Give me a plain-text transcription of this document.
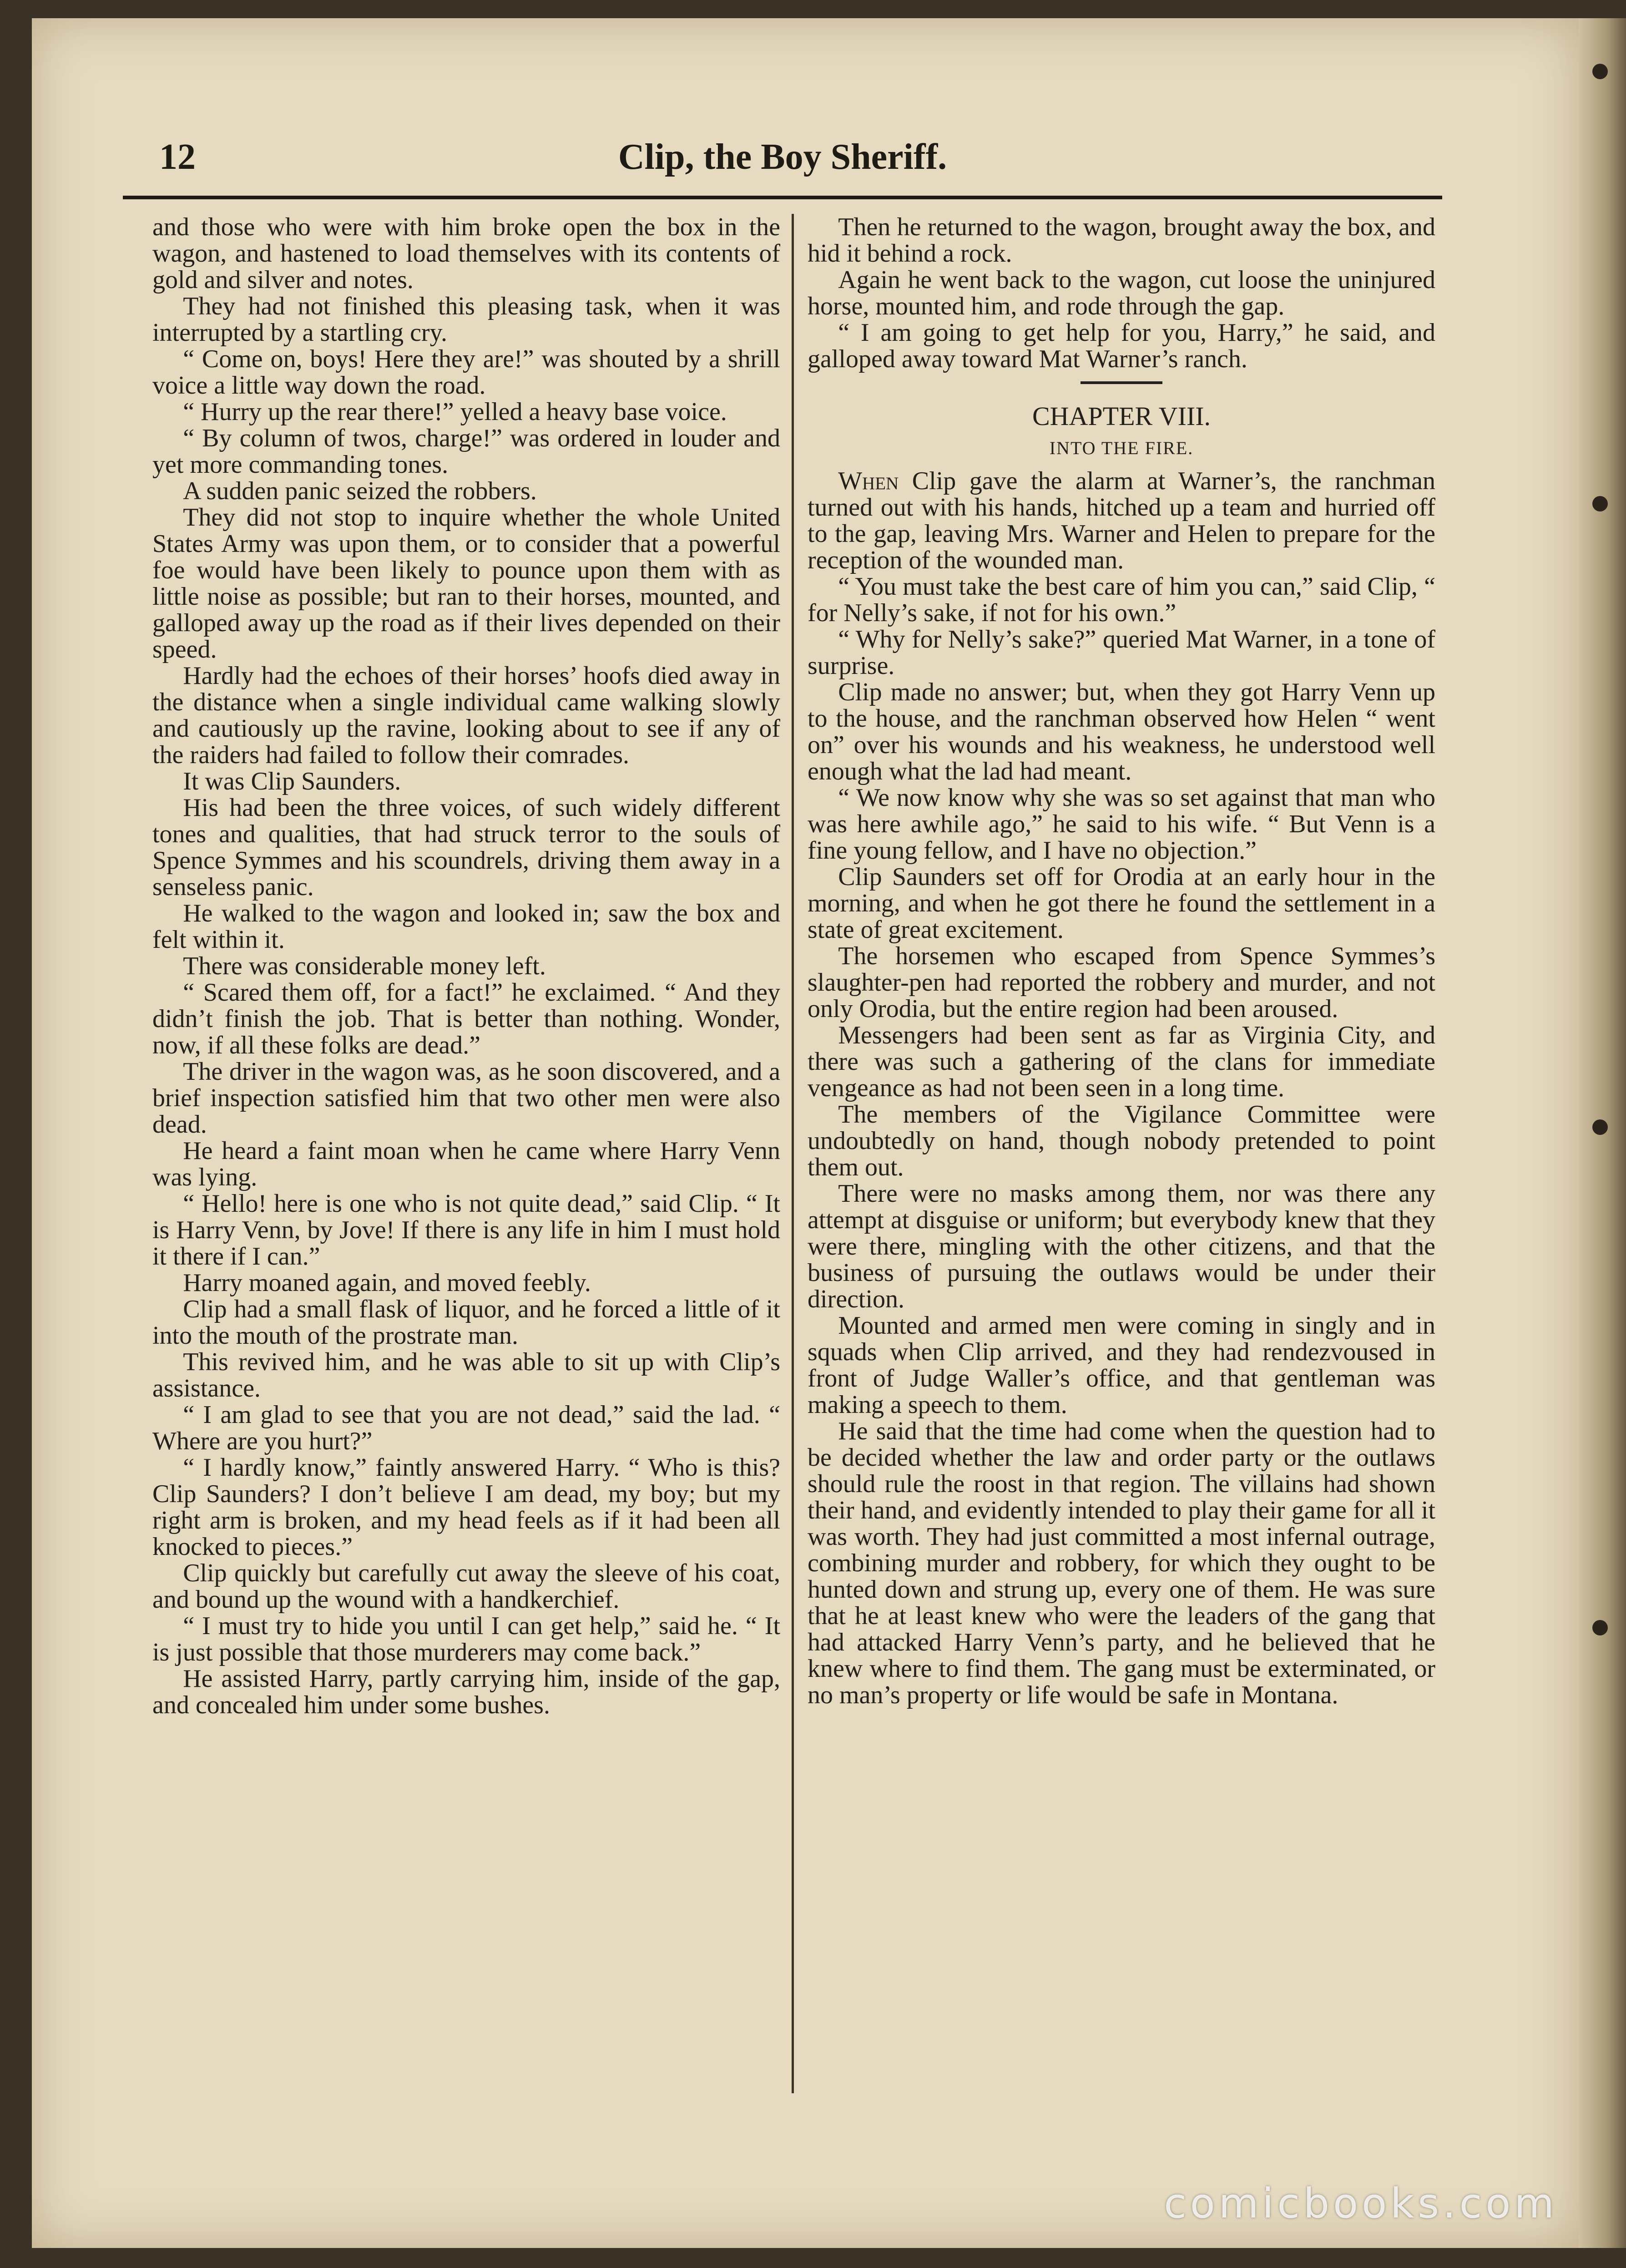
12	Clip, the Boy Sheriff.

and those who were with him broke open the box in the wagon, and hastened to load themselves with its contents of gold and silver and notes.

They had not finished this pleasing task, when it was interrupted by a startling cry.

“ Come on, boys! Here they are!” was shouted by a shrill voice a little way down the road.

“ Hurry up the rear there!” yelled a heavy base voice.

“ By column of twos, charge!” was ordered in louder and yet more commanding tones.

A sudden panic seized the robbers.

They did not stop to inquire whether the whole United States Army was upon them, or to consider that a powerful foe would have been likely to pounce upon them with as little noise as possible; but ran to their horses, mounted, and galloped away up the road as if their lives depended on their speed.

Hardly had the echoes of their horses’ hoofs died away in the distance when a single individual came walking slowly and cautiously up the ravine, looking about to see if any of the raiders had failed to follow their comrades.

It was Clip Saunders.

His had been the three voices, of such widely different tones and qualities, that had struck terror to the souls of Spence Symmes and his scoundrels, driving them away in a senseless panic.

He walked to the wagon and looked in; saw the box and felt within it.

There was considerable money left.

“ Scared them off, for a fact!” he exclaimed. “ And they didn’t finish the job. That is better than nothing. Wonder, now, if all these folks are dead.”

The driver in the wagon was, as he soon discovered, and a brief inspection satisfied him that two other men were also dead.

He heard a faint moan when he came where Harry Venn was lying.

“ Hello! here is one who is not quite dead,” said Clip. “ It is Harry Venn, by Jove! If there is any life in him I must hold it there if I can.”

Harry moaned again, and moved feebly.

Clip had a small flask of liquor, and he forced a little of it into the mouth of the prostrate man.

This revived him, and he was able to sit up with Clip’s assistance.

“ I am glad to see that you are not dead,” said the lad. “ Where are you hurt?”

“ I hardly know,” faintly answered Harry. “ Who is this? Clip Saunders? I don’t believe I am dead, my boy; but my right arm is broken, and my head feels as if it had been all knocked to pieces.”

Clip quickly but carefully cut away the sleeve of his coat, and bound up the wound with a handkerchief.

“ I must try to hide you until I can get help,” said he. “ It is just possible that those murderers may come back.”

He assisted Harry, partly carrying him, inside of the gap, and concealed him under some bushes.

Then he returned to the wagon, brought away the box, and hid it behind a rock.

Again he went back to the wagon, cut loose the uninjured horse, mounted him, and rode through the gap.

“ I am going to get help for you, Harry,” he said, and galloped away toward Mat Warner’s ranch.

CHAPTER VIII.
INTO THE FIRE.

When Clip gave the alarm at Warner’s, the ranchman turned out with his hands, hitched up a team and hurried off to the gap, leaving Mrs. Warner and Helen to prepare for the reception of the wounded man.

“ You must take the best care of him you can,” said Clip, “ for Nelly’s sake, if not for his own.”

“ Why for Nelly’s sake?” queried Mat Warner, in a tone of surprise.

Clip made no answer; but, when they got Harry Venn up to the house, and the ranchman observed how Helen “ went on” over his wounds and his weakness, he understood well enough what the lad had meant.

“ We now know why she was so set against that man who was here awhile ago,” he said to his wife. “ But Venn is a fine young fellow, and I have no objection.”

Clip Saunders set off for Orodia at an early hour in the morning, and when he got there he found the settlement in a state of great excitement.

The horsemen who escaped from Spence Symmes’s slaughter-pen had reported the robbery and murder, and not only Orodia, but the entire region had been aroused.

Messengers had been sent as far as Virginia City, and there was such a gathering of the clans for immediate vengeance as had not been seen in a long time.

The members of the Vigilance Committee were undoubtedly on hand, though nobody pretended to point them out.

There were no masks among them, nor was there any attempt at disguise or uniform; but everybody knew that they were there, mingling with the other citizens, and that the business of pursuing the outlaws would be under their direction.

Mounted and armed men were coming in singly and in squads when Clip arrived, and they had rendezvoused in front of Judge Waller’s office, and that gentleman was making a speech to them.

He said that the time had come when the question had to be decided whether the law and order party or the outlaws should rule the roost in that region. The villains had shown their hand, and evidently intended to play their game for all it was worth. They had just committed a most infernal outrage, combining murder and robbery, for which they ought to be hunted down and strung up, every one of them. He was sure that he at least knew who were the leaders of the gang that had attacked Harry Venn’s party, and he believed that he knew where to find them. The gang must be exterminated, or no man’s property or life would be safe in Montana.

comicbooks.com
